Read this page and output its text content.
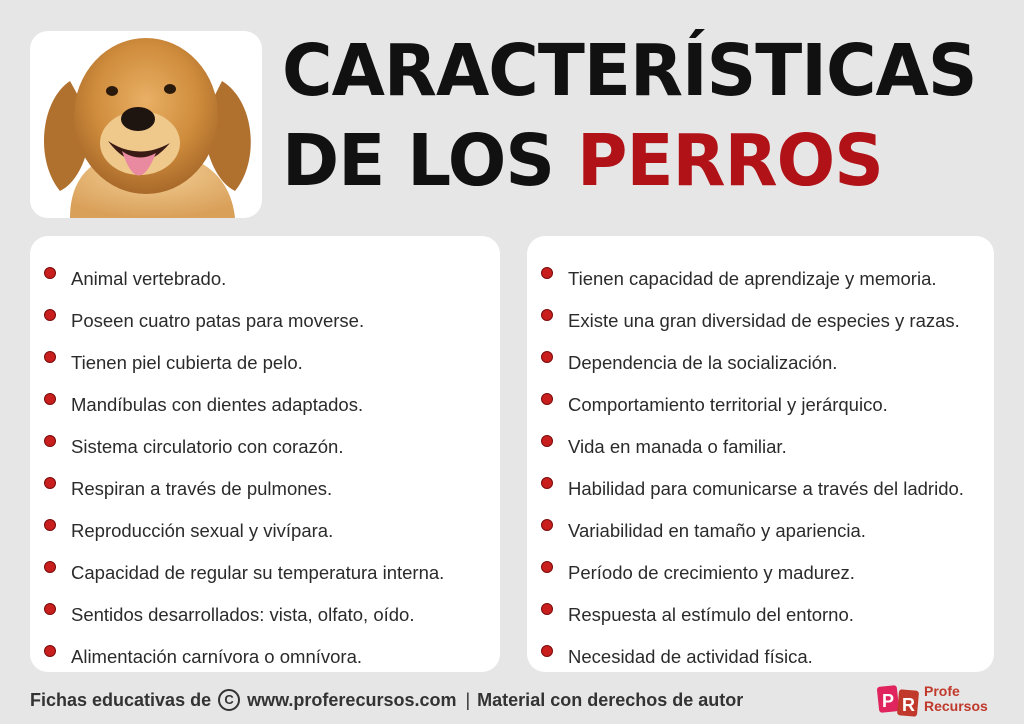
CARACTERÍSTICAS
DE LOS PERROS
Animal vertebrado.
Poseen cuatro patas para moverse.
Tienen piel cubierta de pelo.
Mandíbulas con dientes adaptados.
Sistema circulatorio con corazón.
Respiran a través de pulmones.
Reproducción sexual y vivípara.
Capacidad de regular su temperatura interna.
Sentidos desarrollados: vista, olfato, oído.
Alimentación carnívora o omnívora.
Tienen capacidad de aprendizaje y memoria.
Existe una gran diversidad de especies y razas.
Dependencia de la socialización.
Comportamiento territorial y jerárquico.
Vida en manada o familiar.
Habilidad para comunicarse a través del ladrido.
Variabilidad en tamaño y apariencia.
Período de crecimiento y madurez.
Respuesta al estímulo del entorno.
Necesidad de actividad física.
Fichas educativas de	C www.profe​recursos.com | Material con derechos de autor	P R
Profe
Recursos
